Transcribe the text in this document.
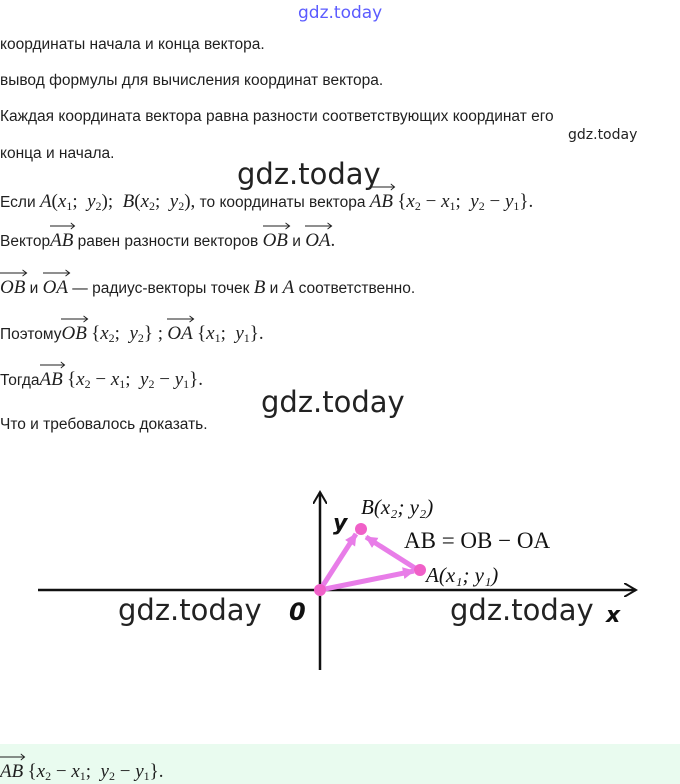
gdz.today
координаты начала и конца вектора.
вывод формулы для вычисления координат вектора.
Каждая координата вектора равна разности соответствующих координат его
gdz.today
конца и начала.
gdz.today
Если $A(x_1$;  $y_2$);  $B(x_2$;  $y_2$), то координаты вектора AB {$x_2 - x_1$;  $y_2 - y_1$}.
Вектор
AB равен разности векторов OB и OA.
OB и OA — радиус-векторы точек B и A соответственно.
Поэтому
OB {$x_2$;  $y_2$} ; OA {$x_1$;  $y_1$}.
Тогда
AB {$x_2 - x_1$;  $y_2 - y_1$}.
gdz.today
Что и требовалось доказать.
y
x
0
B(x₂; y₂)
AB = OB − OA
A(x₁; y₁)
gdz.today	gdz.today
AB {$x_2 - x_1$;  $y_2 - y_1$}.
